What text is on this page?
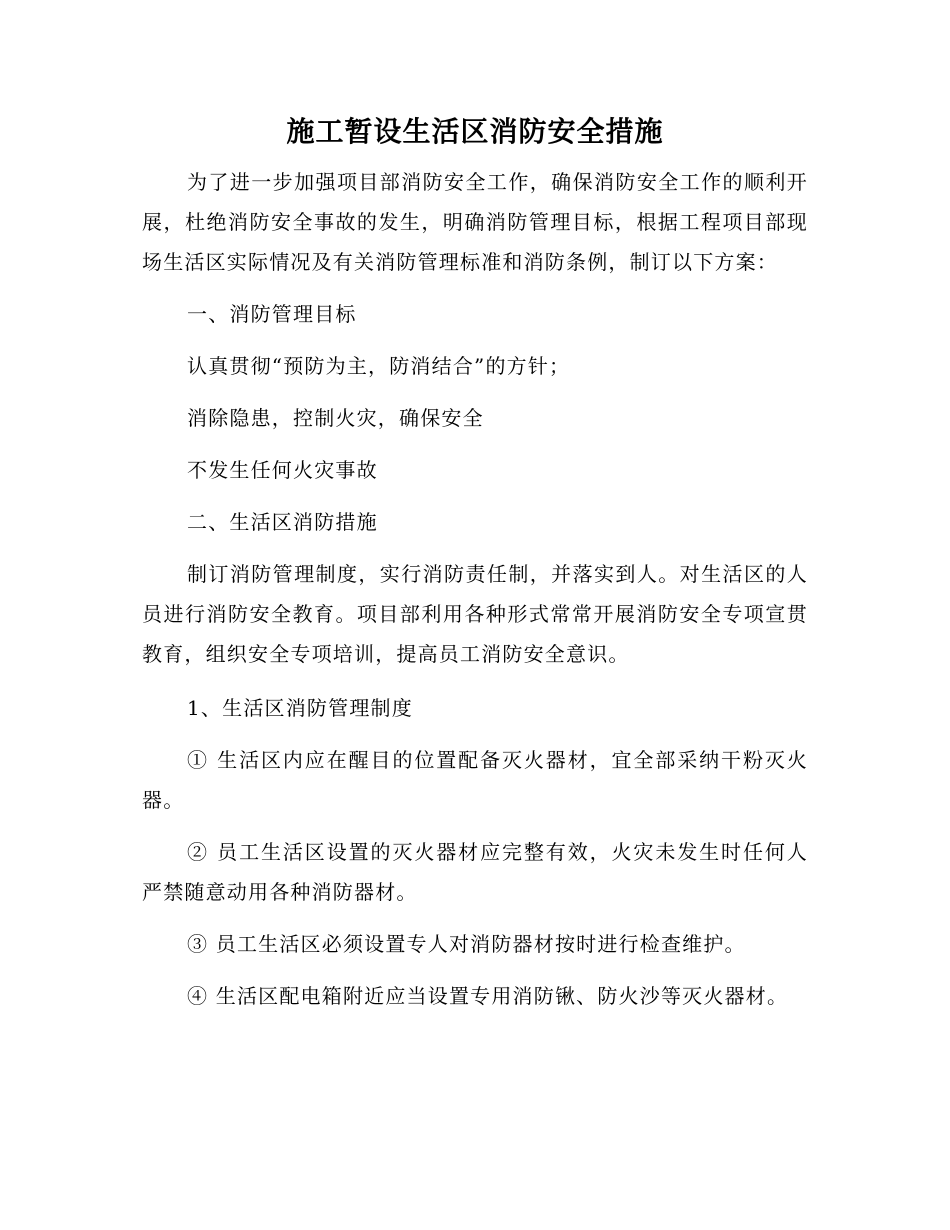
施工暂设生活区消防安全措施

为了进一步加强项目部消防安全工作，确保消防安全工作的顺利开展，杜绝消防安全事故的发生，明确消防管理目标，根据工程项目部现场生活区实际情况及有关消防管理标准和消防条例，制订以下方案：

一、消防管理目标

认真贯彻“预防为主，防消结合”的方针；

消除隐患，控制火灾，确保安全

不发生任何火灾事故

二、生活区消防措施

制订消防管理制度，实行消防责任制，并落实到人。对生活区的人员进行消防安全教育。项目部利用各种形式常常开展消防安全专项宣贯教育，组织安全专项培训，提高员工消防安全意识。

1、生活区消防管理制度

① 生活区内应在醒目的位置配备灭火器材，宜全部采纳干粉灭火器。

② 员工生活区设置的灭火器材应完整有效，火灾未发生时任何人严禁随意动用各种消防器材。

③ 员工生活区必须设置专人对消防器材按时进行检查维护。

④ 生活区配电箱附近应当设置专用消防锹、防火沙等灭火器材。
